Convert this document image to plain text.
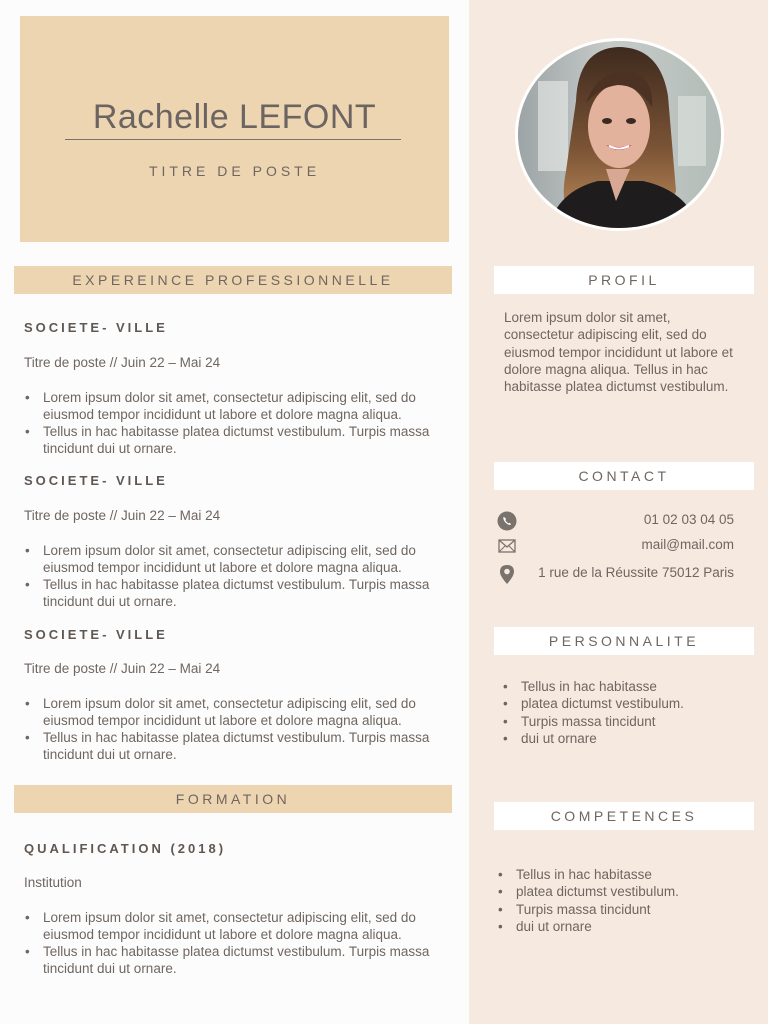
Rachelle LEFONT
TITRE DE POSTE
EXPEREINCE PROFESSIONNELLE
SOCIETE- VILLE
Titre de poste // Juin 22 – Mai 24
• Lorem ipsum dolor sit amet, consectetur adipiscing elit, sed do eiusmod tempor incididunt ut labore et dolore magna aliqua.
• Tellus in hac habitasse platea dictumst vestibulum. Turpis massa tincidunt dui ut ornare.
SOCIETE- VILLE
Titre de poste // Juin 22 – Mai 24
• Lorem ipsum dolor sit amet, consectetur adipiscing elit, sed do eiusmod tempor incididunt ut labore et dolore magna aliqua.
• Tellus in hac habitasse platea dictumst vestibulum. Turpis massa tincidunt dui ut ornare.
SOCIETE- VILLE
Titre de poste // Juin 22 – Mai 24
• Lorem ipsum dolor sit amet, consectetur adipiscing elit, sed do eiusmod tempor incididunt ut labore et dolore magna aliqua.
• Tellus in hac habitasse platea dictumst vestibulum. Turpis massa tincidunt dui ut ornare.
FORMATION
QUALIFICATION (2018)
Institution
• Lorem ipsum dolor sit amet, consectetur adipiscing elit, sed do eiusmod tempor incididunt ut labore et dolore magna aliqua.
• Tellus in hac habitasse platea dictumst vestibulum. Turpis massa tincidunt dui ut ornare.
PROFIL
Lorem ipsum dolor sit amet, consectetur adipiscing elit, sed do eiusmod tempor incididunt ut labore et dolore magna aliqua. Tellus in hac habitasse platea dictumst vestibulum.
CONTACT
01 02 03 04 05
mail@mail.com
1 rue de la Réussite 75012 Paris
PERSONNALITE
• Tellus in hac habitasse
• platea dictumst vestibulum.
• Turpis massa tincidunt
• dui ut ornare
COMPETENCES
• Tellus in hac habitasse
• platea dictumst vestibulum.
• Turpis massa tincidunt
• dui ut ornare
